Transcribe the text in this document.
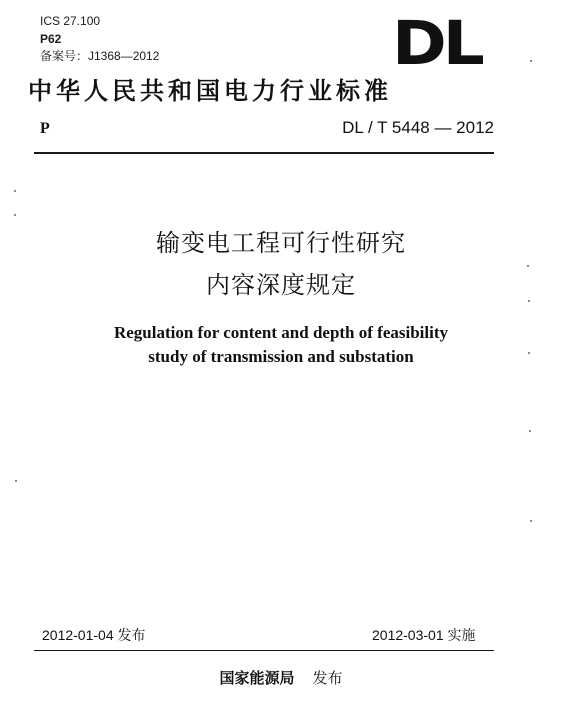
ICS 27.100
P62
备案号：J1368—2012	DL
中华人民共和国电力行业标准
P	DL / T 5448 — 2012
输变电工程可行性研究
内容深度规定
Regulation for content and depth of feasibility
study of transmission and substation
2012-01-04 发布	2012-03-01 实施
国家能源局 发布
